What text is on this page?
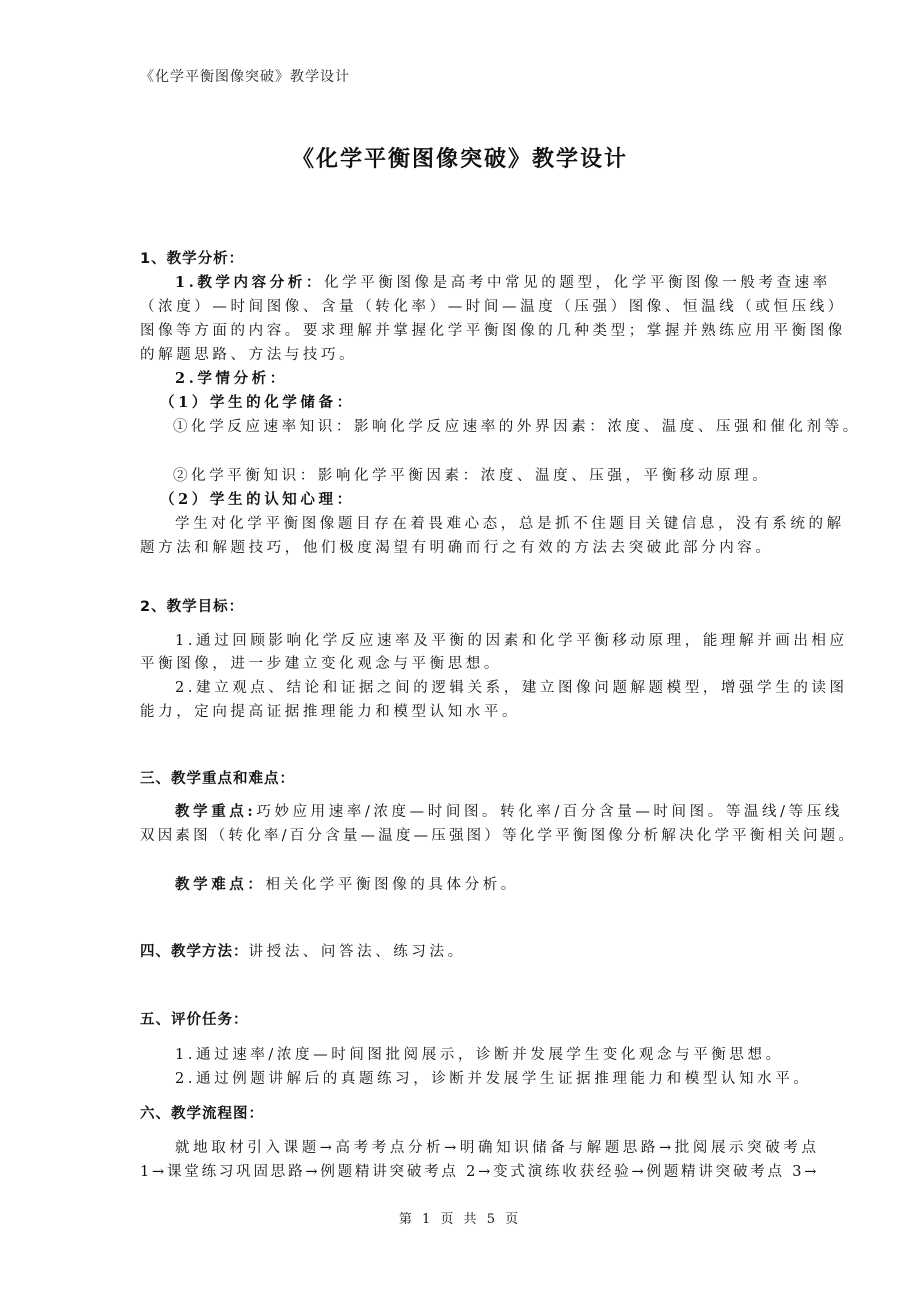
《化学平衡图像突破》教学设计
《化学平衡图像突破》教学设计
1、教学分析：
1.教学内容分析：化学平衡图像是高考中常见的题型，化学平衡图像一般考查速率
（浓度）—时间图像、含量（转化率）—时间—温度（压强）图像、恒温线（或恒压线）
图像等方面的内容。要求理解并掌握化学平衡图像的几种类型；掌握并熟练应用平衡图像
的解题思路、方法与技巧。
2.学情分析：
（1）学生的化学储备：
①化学反应速率知识：影响化学反应速率的外界因素：浓度、温度、压强和催化剂等。
②化学平衡知识：影响化学平衡因素：浓度、温度、压强，平衡移动原理。
（2）学生的认知心理：
学生对化学平衡图像题目存在着畏难心态，总是抓不住题目关键信息，没有系统的解
题方法和解题技巧，他们极度渴望有明确而行之有效的方法去突破此部分内容。
2、教学目标：
1.通过回顾影响化学反应速率及平衡的因素和化学平衡移动原理，能理解并画出相应
平衡图像，进一步建立变化观念与平衡思想。
2.建立观点、结论和证据之间的逻辑关系，建立图像问题解题模型，增强学生的读图
能力，定向提高证据推理能力和模型认知水平。
三、教学重点和难点：
教学重点:巧妙应用速率/浓度—时间图。转化率/百分含量—时间图。等温线/等压线
双因素图（转化率/百分含量—温度—压强图）等化学平衡图像分析解决化学平衡相关问题。
教学难点：相关化学平衡图像的具体分析。
四、教学方法：讲授法、问答法、练习法。
五、评价任务：
1.通过速率/浓度—时间图批阅展示，诊断并发展学生变化观念与平衡思想。
2.通过例题讲解后的真题练习，诊断并发展学生证据推理能力和模型认知水平。
六、教学流程图：
就地取材引入课题→高考考点分析→明确知识储备与解题思路→批阅展示突破考点
1→课堂练习巩固思路→例题精讲突破考点 2→变式演练收获经验→例题精讲突破考点 3→
第 1 页 共 5 页
